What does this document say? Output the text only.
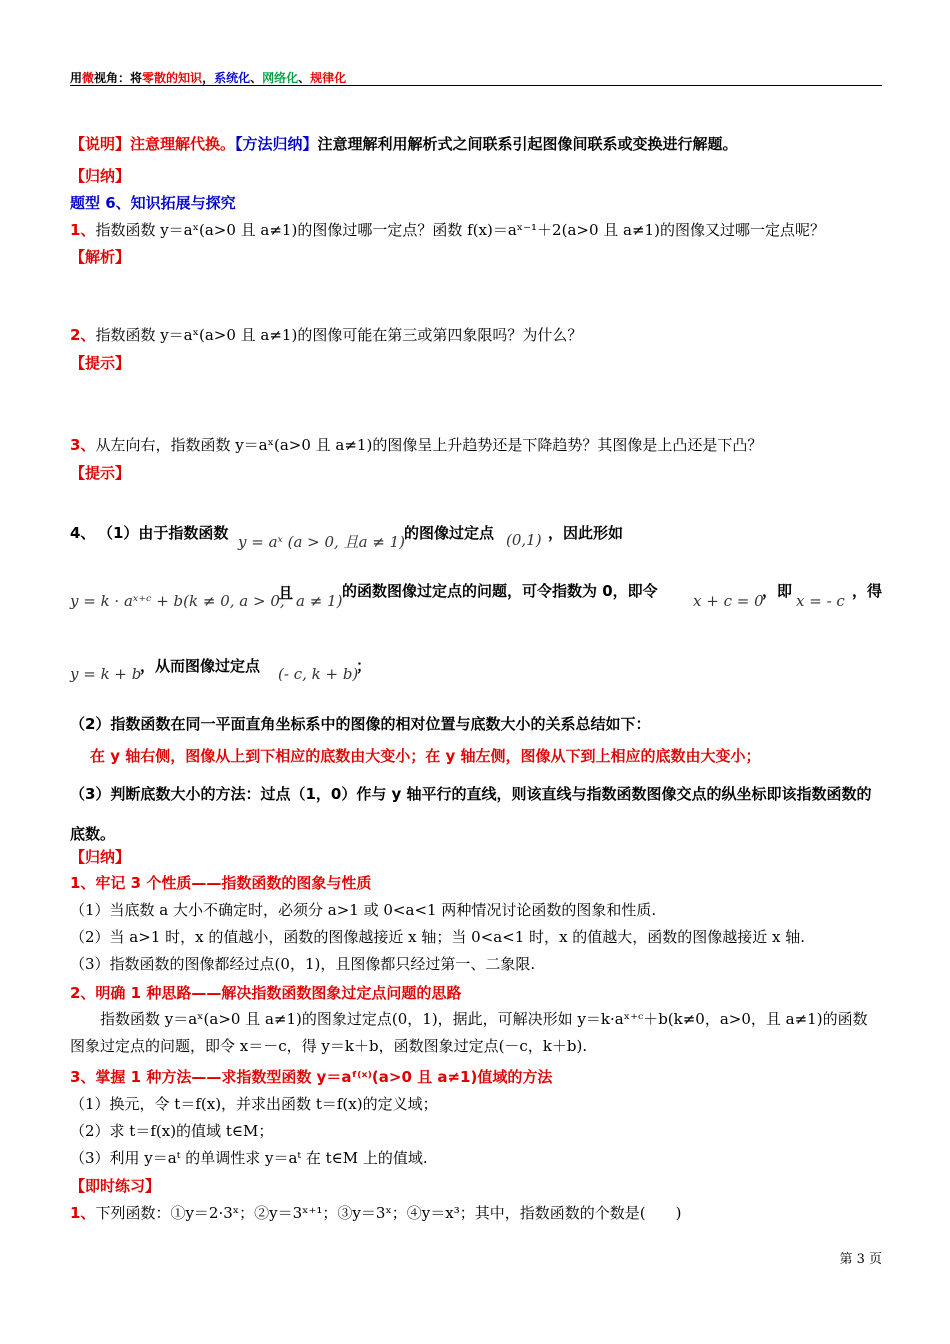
用微视角：将零散的知识，系统化、网络化、规律化
【说明】注意理解代换。【方法归纳】注意理解利用解析式之间联系引起图像间联系或变换进行解题。
【归纳】
题型 6、知识拓展与探究
1、指数函数 y＝aˣ(a>0 且 a≠1)的图像过哪一定点？函数 f(x)＝aˣ⁻¹＋2(a>0 且 a≠1)的图像又过哪一定点呢？
【解析】
2、指数函数 y＝aˣ(a>0 且 a≠1)的图像可能在第三或第四象限吗？为什么？
【提示】
3、从左向右，指数函数 y＝aˣ(a>0 且 a≠1)的图像呈上升趋势还是下降趋势？其图像是上凸还是下凸？
【提示】
4、 （1）由于指数函数 y = aˣ (a > 0, 且a ≠ 1)
的图像过定点 (0,1) ，因此形如
y = k · aˣ⁺ᶜ + b(k ≠ 0, a > 0,
且 a ≠ 1)
的函数图像过定点的问题，可令指数为 0，即令
x + c = 0
，即
x = - c
，得
y = k + b
，从而图像过定点 (- c, k + b)
；
（2）指数函数在同一平面直角坐标系中的图像的相对位置与底数大小的关系总结如下：
在 y 轴右侧，图像从上到下相应的底数由大变小；在 y 轴左侧，图像从下到上相应的底数由大变小；
（3）判断底数大小的方法：过点（1，0）作与 y 轴平行的直线，则该直线与指数函数图像交点的纵坐标即该指数函数的底数。
【归纳】
1、牢记 3 个性质——指数函数的图象与性质
（1）当底数 a 大小不确定时，必须分 a>1 或 0<a<1 两种情况讨论函数的图象和性质.
（2）当 a>1 时，x 的值越小，函数的图像越接近 x 轴；当 0<a<1 时，x 的值越大，函数的图像越接近 x 轴.
（3）指数函数的图像都经过点(0，1)，且图像都只经过第一、二象限.
2、明确 1 种思路——解决指数函数图象过定点问题的思路
指数函数 y＝aˣ(a>0 且 a≠1)的图象过定点(0，1)，据此，可解决形如 y＝k·aˣ⁺ᶜ＋b(k≠0，a>0，且 a≠1)的函数图象过定点的问题，即令 x＝－c，得 y＝k＋b，函数图象过定点(－c，k＋b).
3、掌握 1 种方法——求指数型函数 y＝aᶠ⁽ˣ⁾(a>0 且 a≠1)值域的方法
（1）换元，令 t＝f(x)，并求出函数 t＝f(x)的定义域；
（2）求 t＝f(x)的值域 t∈M；
（3）利用 y＝aᵗ 的单调性求 y＝aᵗ 在 t∈M 上的值域.
【即时练习】
1、下列函数：①y＝2·3ˣ；②y＝3ˣ⁺¹；③y＝3ˣ；④y＝x³；其中，指数函数的个数是(　　)
第 3 页
